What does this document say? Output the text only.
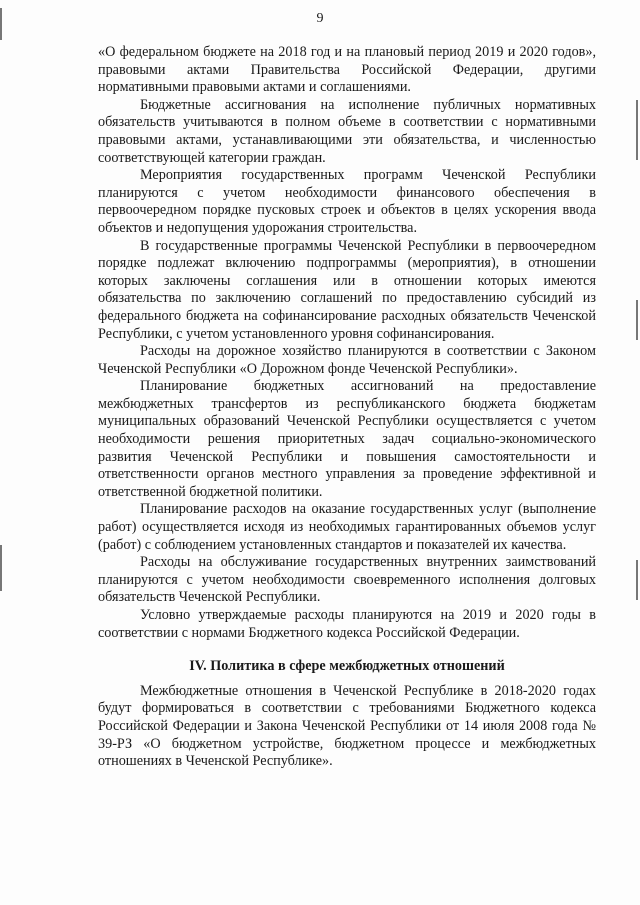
9

«О федеральном бюджете на 2018 год и на плановый период 2019 и 2020 годов», правовыми актами Правительства Российской Федерации, другими нормативными правовыми актами и соглашениями.

Бюджетные ассигнования на исполнение публичных нормативных обязательств учитываются в полном объеме в соответствии с нормативными правовыми актами, устанавливающими эти обязательства, и численностью соответствующей категории граждан.

Мероприятия государственных программ Чеченской Республики планируются с учетом необходимости финансового обеспечения в первоочередном порядке пусковых строек и объектов в целях ускорения ввода объектов и недопущения удорожания строительства.

В государственные программы Чеченской Республики в первоочередном порядке подлежат включению подпрограммы (мероприятия), в отношении которых заключены соглашения или в отношении которых имеются обязательства по заключению соглашений по предоставлению субсидий из федерального бюджета на софинансирование расходных обязательств Чеченской Республики, с учетом установленного уровня софинансирования.

Расходы на дорожное хозяйство планируются в соответствии с Законом Чеченской Республики «О Дорожном фонде Чеченской Республики».

Планирование бюджетных ассигнований на предоставление межбюджетных трансфертов из республиканского бюджета бюджетам муниципальных образований Чеченской Республики осуществляется с учетом необходимости решения приоритетных задач социально-экономического развития Чеченской Республики и повышения самостоятельности и ответственности органов местного управления за проведение эффективной и ответственной бюджетной политики.

Планирование расходов на оказание государственных услуг (выполнение работ) осуществляется исходя из необходимых гарантированных объемов услуг (работ) с соблюдением установленных стандартов и показателей их качества.

Расходы на обслуживание государственных внутренних заимствований планируются с учетом необходимости своевременного исполнения долговых обязательств Чеченской Республики.

Условно утверждаемые расходы планируются на 2019 и 2020 годы в соответствии с нормами Бюджетного кодекса Российской Федерации.

IV. Политика в сфере межбюджетных отношений

Межбюджетные отношения в Чеченской Республике в 2018-2020 годах будут формироваться в соответствии с требованиями Бюджетного кодекса Российской Федерации и Закона Чеченской Республики от 14 июля 2008 года № 39-РЗ «О бюджетном устройстве, бюджетном процессе и межбюджетных отношениях в Чеченской Республике».
